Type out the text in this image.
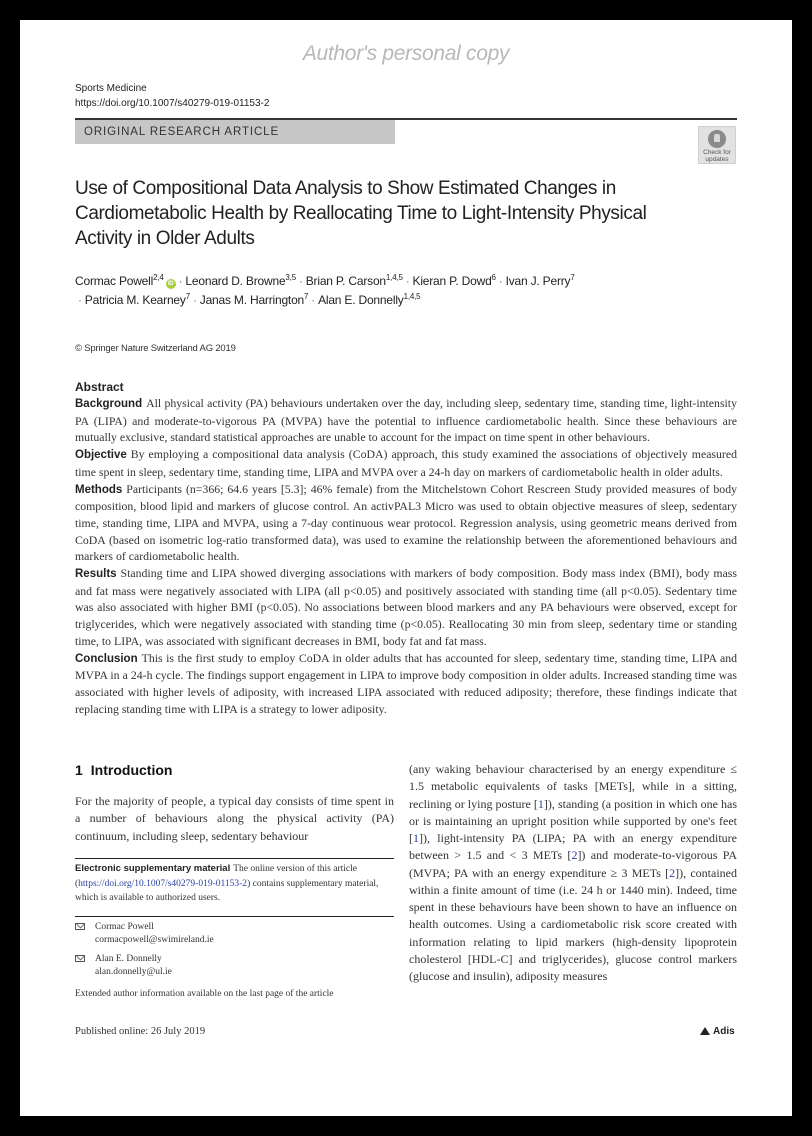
Author's personal copy
Sports Medicine
https://doi.org/10.1007/s40279-019-01153-2
ORIGINAL RESEARCH ARTICLE
Check for
updates
Use of Compositional Data Analysis to Show Estimated Changes in Cardiometabolic Health by Reallocating Time to Light-Intensity Physical Activity in Older Adults
Cormac Powell$^{2,4}$iD · Leonard D. Browne$^{3,5}$ · Brian P. Carson$^{1,4,5}$ · Kieran P. Dowd$^6$ · Ivan J. Perry$^7$
· Patricia M. Kearney$^7$ · Janas M. Harrington$^7$ · Alan E. Donnelly$^{1,4,5}$
© Springer Nature Switzerland AG 2019
Abstract

Background All physical activity (PA) behaviours undertaken over the day, including sleep, sedentary time, standing time, light-intensity PA (LIPA) and moderate-to-vigorous PA (MVPA) have the potential to influence cardiometabolic health. Since these behaviours are mutually exclusive, standard statistical approaches are unable to account for the impact on time spent in other behaviours.

Objective By employing a compositional data analysis (CoDA) approach, this study examined the associations of objectively measured time spent in sleep, sedentary time, standing time, LIPA and MVPA over a 24-h day on markers of cardiometabolic health in older adults.

Methods Participants (n=366; 64.6 years [5.3]; 46% female) from the Mitchelstown Cohort Rescreen Study provided measures of body composition, blood lipid and markers of glucose control. An activPAL3 Micro was used to obtain objective measures of sleep, sedentary time, standing time, LIPA and MVPA, using a 7-day continuous wear protocol. Regression analysis, using geometric means derived from CoDA (based on isometric log-ratio transformed data), was used to examine the relationship between the aforementioned behaviours and markers of cardiometabolic health.

Results Standing time and LIPA showed diverging associations with markers of body composition. Body mass index (BMI), body mass and fat mass were negatively associated with LIPA (all p<0.05) and positively associated with standing time (all p<0.05). Sedentary time was also associated with higher BMI (p<0.05). No associations between blood markers and any PA behaviours were observed, except for triglycerides, which were negatively associated with standing time (p<0.05). Reallocating 30 min from sleep, sedentary time or standing time, to LIPA, was associated with significant decreases in BMI, body fat and fat mass.

Conclusion This is the first study to employ CoDA in older adults that has accounted for sleep, sedentary time, standing time, LIPA and MVPA in a 24-h cycle. The findings support engagement in LIPA to improve body composition in older adults. Increased standing time was associated with higher levels of adiposity, with increased LIPA associated with reduced adiposity; therefore, these findings indicate that replacing standing time with LIPA is a strategy to lower adiposity.

1 Introduction

For the majority of people, a typical day consists of time spent in a number of behaviours along the physical activity (PA) continuum, including sleep, sedentary behaviour

Electronic supplementary material The online version of this article (https://doi.org/10.1007/s40279-019-01153-2) contains supplementary material, which is available to authorized users.
Cormac Powell
cormacpowell@swimireland.ie
Alan E. Donnelly
alan.donnelly@ul.ie
Extended author information available on the last page of the article

(any waking behaviour characterised by an energy expenditure ≤ 1.5 metabolic equivalents of tasks [METs], while in a sitting, reclining or lying posture [1]), standing (a position in which one has or is maintaining an upright position while supported by one's feet [1]), light-intensity PA (LIPA; PA with an energy expenditure between > 1.5 and < 3 METs [2]) and moderate-to-vigorous PA (MVPA; PA with an energy expenditure ≥ 3 METs [2]), contained within a finite amount of time (i.e. 24 h or 1440 min). Indeed, time spent in these behaviours have been shown to have an influence on health outcomes. Using a cardiometabolic risk score created with information relating to lipid markers (high-density lipoprotein cholesterol [HDL-C] and triglycerides), glucose control markers (glucose and insulin), adiposity measures

Published online: 26 July 2019	Adis
